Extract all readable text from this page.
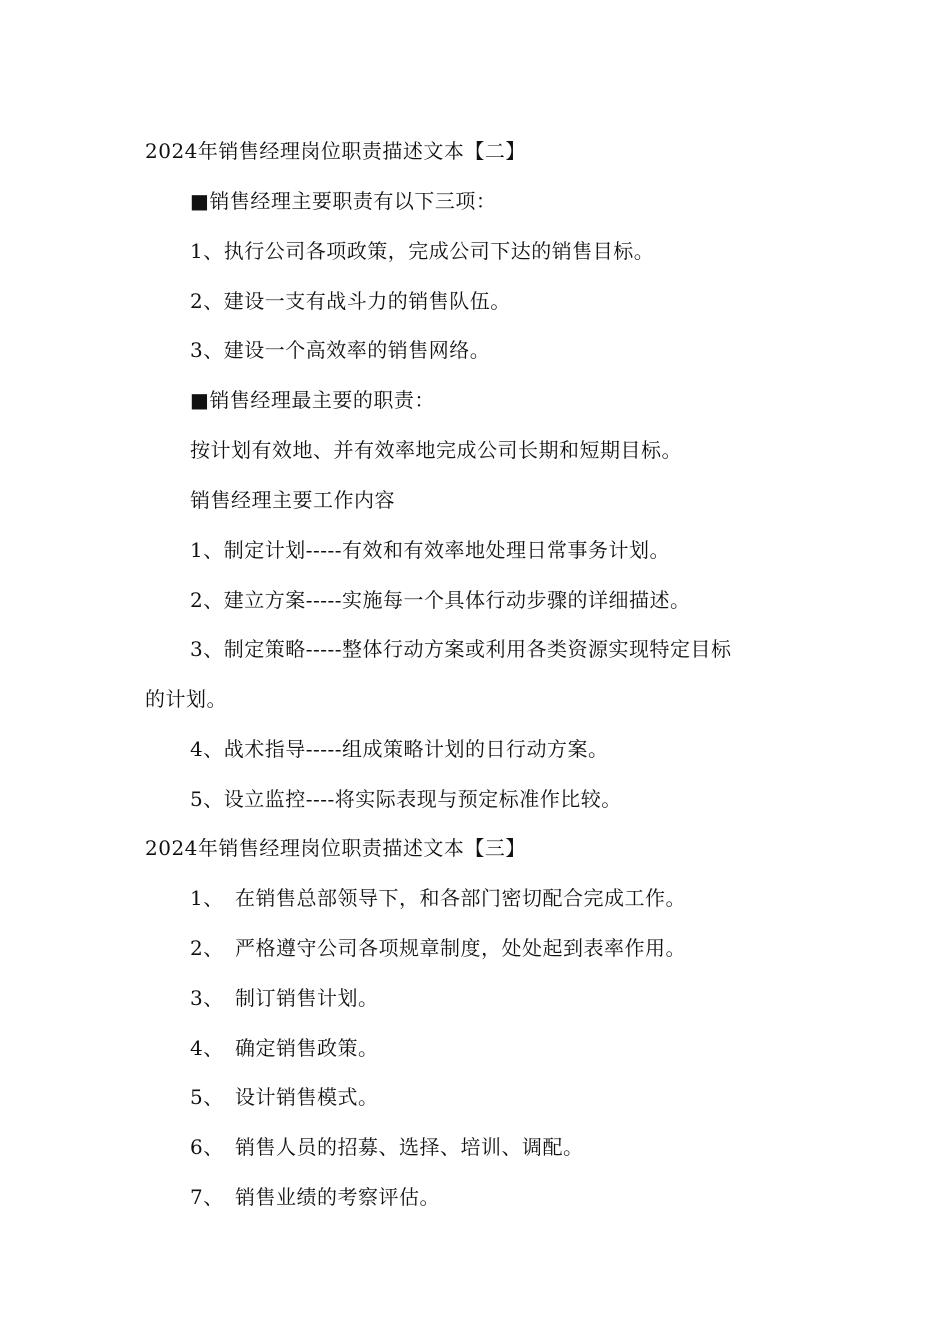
2024年销售经理岗位职责描述文本【二】
■销售经理主要职责有以下三项：
1、执行公司各项政策，完成公司下达的销售目标。
2、建设一支有战斗力的销售队伍。
3、建设一个高效率的销售网络。
■销售经理最主要的职责：
按计划有效地、并有效率地完成公司长期和短期目标。
销售经理主要工作内容
1、制定计划-----有效和有效率地处理日常事务计划。
2、建立方案-----实施每一个具体行动步骤的详细描述。
3、制定策略-----整体行动方案或利用各类资源实现特定目标
的计划。
4、战术指导-----组成策略计划的日行动方案。
5、设立监控----将实际表现与预定标准作比较。
2024年销售经理岗位职责描述文本【三】
1、 在销售总部领导下，和各部门密切配合完成工作。
2、 严格遵守公司各项规章制度，处处起到表率作用。
3、 制订销售计划。
4、 确定销售政策。
5、 设计销售模式。
6、 销售人员的招募、选择、培训、调配。
7、 销售业绩的考察评估。
